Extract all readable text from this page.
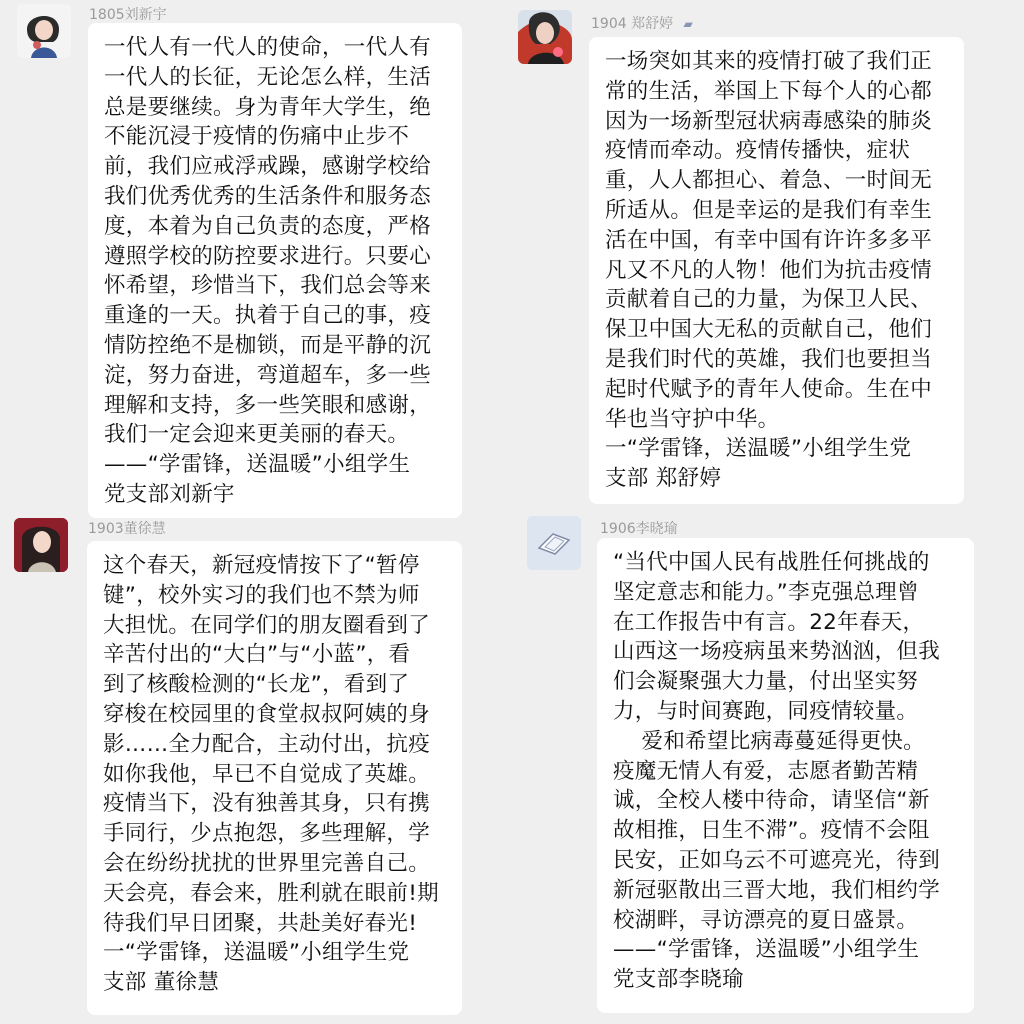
1805刘新宇

一代人有一代人的使命，一代人有

一代人的长征，无论怎么样，生活

总是要继续。身为青年大学生，绝

不能沉浸于疫情的伤痛中止步不

前，我们应戒浮戒躁，感谢学校给

我们优秀优秀的生活条件和服务态

度，本着为自己负责的态度，严格

遵照学校的防控要求进行。只要心

怀希望，珍惜当下，我们总会等来

重逢的一天。执着于自己的事，疫

情防控绝不是枷锁，而是平静的沉

淀，努力奋进，弯道超车，多一些

理解和支持，多一些笑眼和感谢，

我们一定会迎来更美丽的春天。

——“学雷锋，送温暖”小组学生

党支部刘新宇

1904 郑舒婷 ▰

一场突如其来的疫情打破了我们正

常的生活，举国上下每个人的心都

因为一场新型冠状病毒感染的肺炎

疫情而牵动。疫情传播快，症状

重，人人都担心、着急、一时间无

所适从。但是幸运的是我们有幸生

活在中国，有幸中国有许许多多平

凡又不凡的人物！他们为抗击疫情

贡献着自己的力量，为保卫人民、

保卫中国大无私的贡献自己，他们

是我们时代的英雄，我们也要担当

起时代赋予的青年人使命。生在中

华也当守护中华。

一“学雷锋，送温暖”小组学生党

支部 郑舒婷

1903董徐慧

这个春天，新冠疫情按下了“暂停

键”，校外实习的我们也不禁为师

大担忧。在同学们的朋友圈看到了

辛苦付出的“大白”与“小蓝”，看

到了核酸检测的“长龙”，看到了

穿梭在校园里的食堂叔叔阿姨的身

影……全力配合，主动付出，抗疫

如你我他，早已不自觉成了英雄。

疫情当下，没有独善其身，只有携

手同行，少点抱怨，多些理解，学

会在纷纷扰扰的世界里完善自己。

天会亮，春会来，胜利就在眼前!期

待我们早日团聚，共赴美好春光!

一“学雷锋，送温暖”小组学生党

支部 董徐慧

1906李晓瑜

“当代中国人民有战胜任何挑战的

坚定意志和能力。”李克强总理曾

在工作报告中有言。22年春天，

山西这一场疫病虽来势汹汹，但我

们会凝聚强大力量，付出坚实努

力，与时间赛跑，同疫情较量。

爱和希望比病毒蔓延得更快。

疫魔无情人有爱，志愿者勤苦精

诚，全校人楼中待命，请坚信“新

故相推，日生不滞”。疫情不会阻

民安，正如乌云不可遮亮光，待到

新冠驱散出三晋大地，我们相约学

校湖畔，寻访漂亮的夏日盛景。

——“学雷锋，送温暖”小组学生

党支部李晓瑜
